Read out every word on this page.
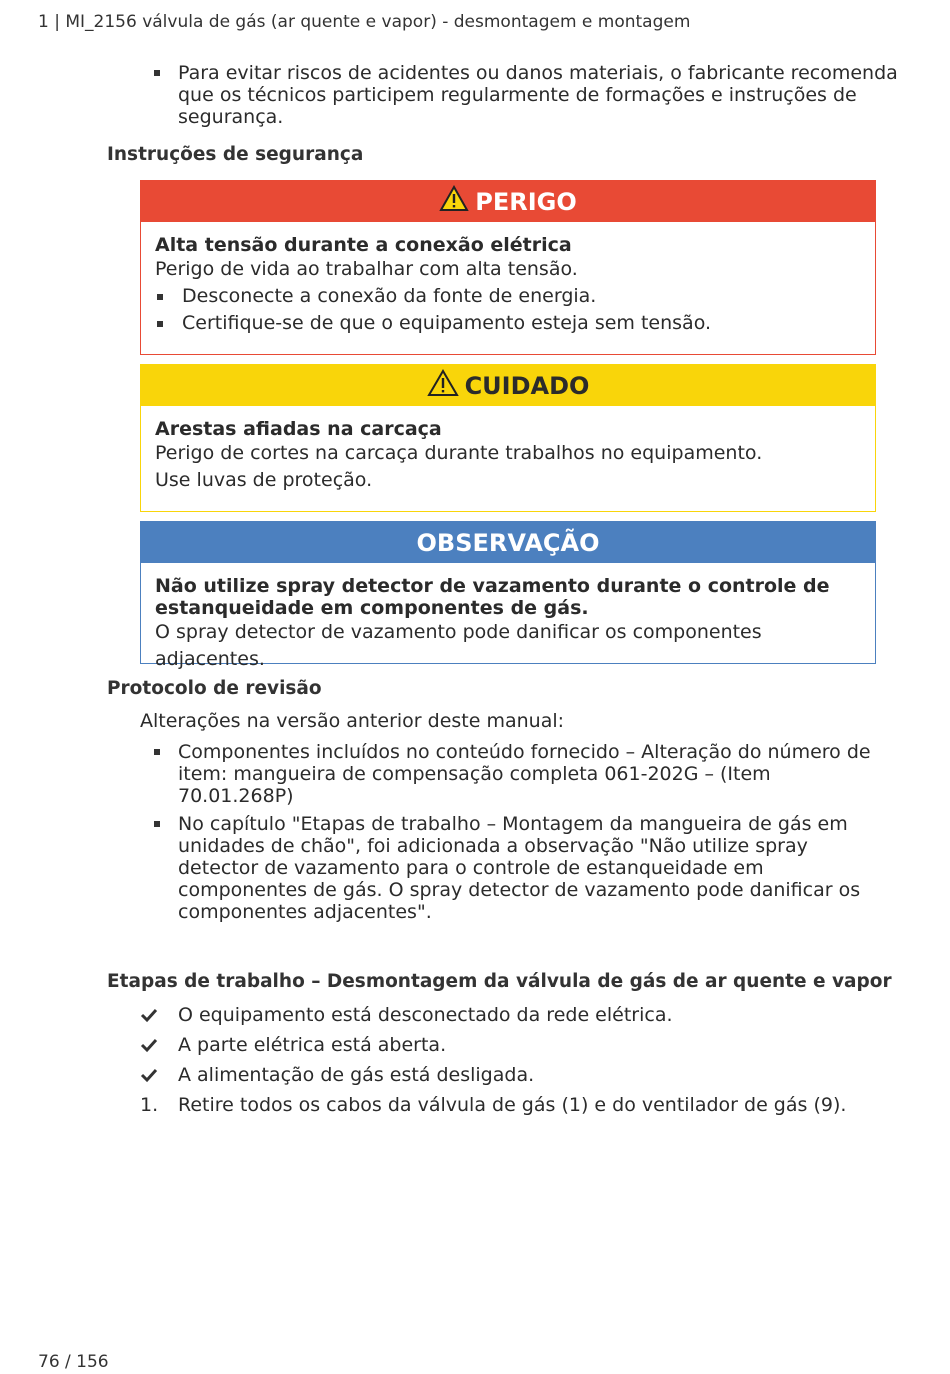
1 | MI_2156 válvula de gás (ar quente e vapor) - desmontagem e montagem
Para evitar riscos de acidentes ou danos materiais, o fabricante recomenda que os técnicos participem regularmente de formações e instruções de segurança.
Instruções de segurança
PERIGO
Alta tensão durante a conexão elétrica
Perigo de vida ao trabalhar com alta tensão.
Desconecte a conexão da fonte de energia.
Certifique-se de que o equipamento esteja sem tensão.
CUIDADO
Arestas afiadas na carcaça
Perigo de cortes na carcaça durante trabalhos no equipamento.
Use luvas de proteção.
OBSERVAÇÃO
Não utilize spray detector de vazamento durante o controle de estanqueidade em componentes de gás.
O spray detector de vazamento pode danificar os componentes adjacentes.
Protocolo de revisão
Alterações na versão anterior deste manual:
Componentes incluídos no conteúdo fornecido – Alteração do número de item: mangueira de compensação completa 061-202G – (Item 70.01.268P)
No capítulo "Etapas de trabalho – Montagem da mangueira de gás em unidades de chão", foi adicionada a observação "Não utilize spray detector de vazamento para o controle de estanqueidade em componentes de gás. O spray detector de vazamento pode danificar os componentes adjacentes".
Etapas de trabalho – Desmontagem da válvula de gás de ar quente e vapor
O equipamento está desconectado da rede elétrica.
A parte elétrica está aberta.
A alimentação de gás está desligada.
1.	Retire todos os cabos da válvula de gás (1) e do ventilador de gás (9).
76 / 156
